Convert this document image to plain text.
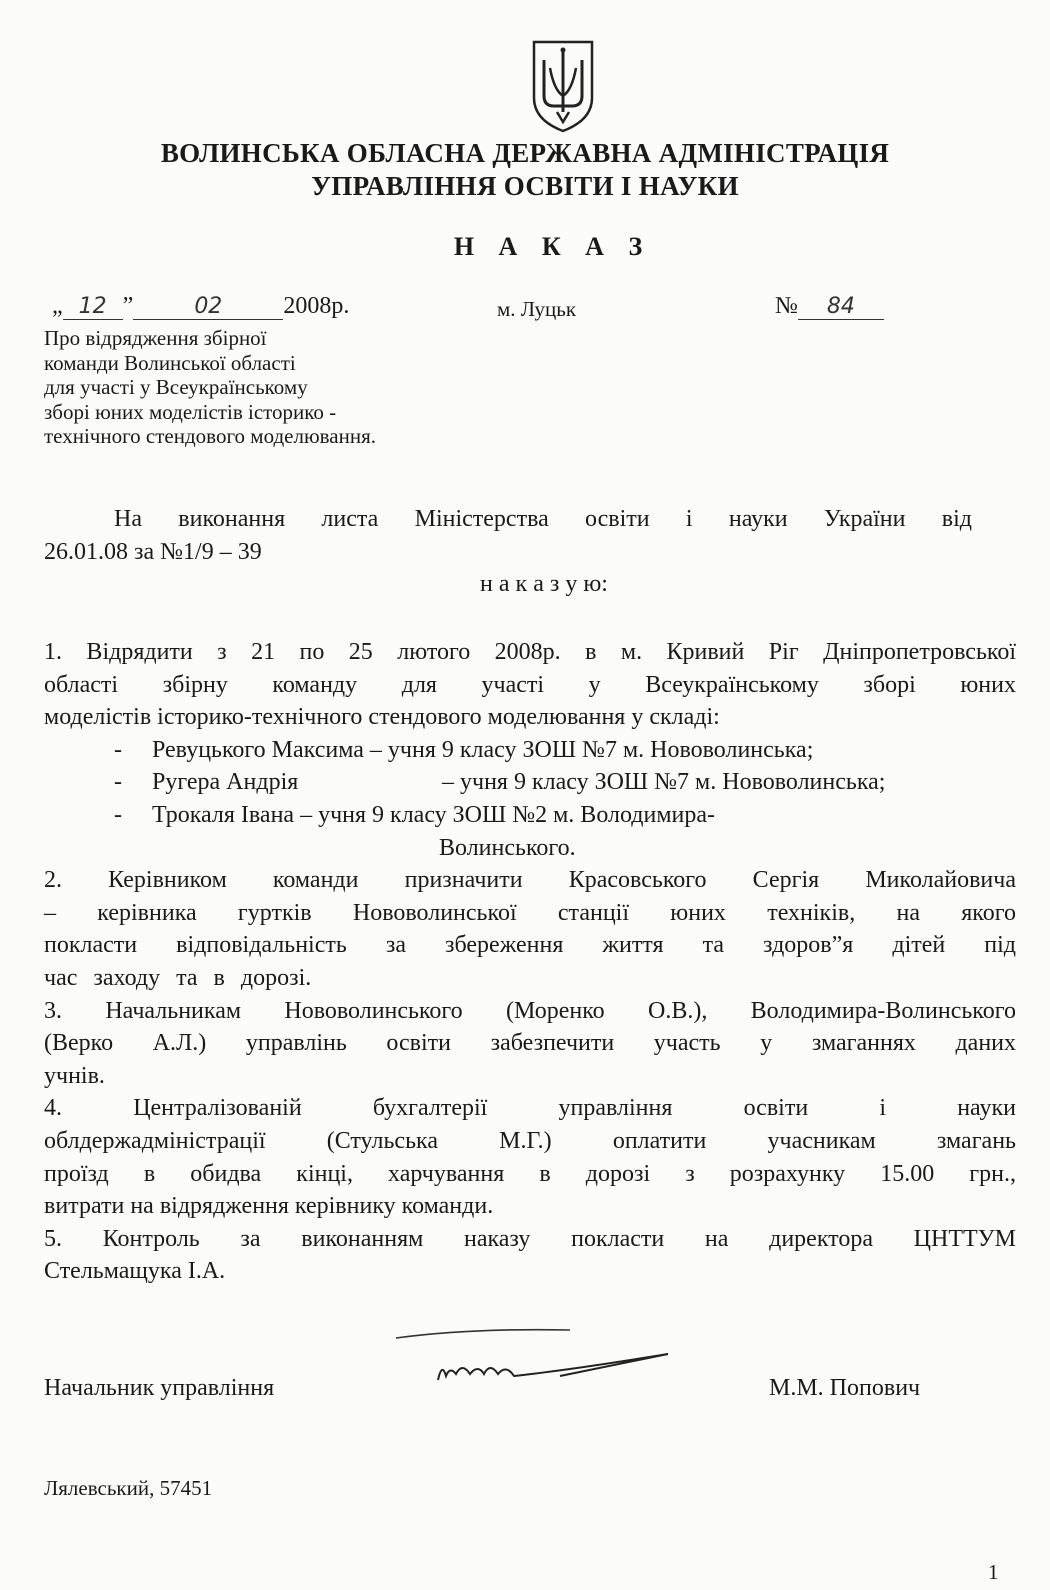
ВОЛИНСЬКА ОБЛАСНА ДЕРЖАВНА АДМІНІСТРАЦІЯ
УПРАВЛІННЯ ОСВІТИ І НАУКИ
Н А К А З
„ 12 ”	02	2008р.	м. Луцьк	№ 84
Про відрядження збірної
команди Волинської області
для участі у Всеукраїнському
зборі юних моделістів історико -
технічного стендового моделювання.
На виконання листа Міністерства освіти і науки України від
26.01.08 за №1/9 – 39
н а к а з у ю:
1. Відрядити з 21 по 25 лютого 2008р. в м. Кривий Ріг Дніпропетровської
області збірну команду для участі у Всеукраїнському зборі юних
моделістів історико-технічного стендового моделювання у складі:
- Ревуцького Максима – учня 9 класу ЗОШ №7 м. Нововолинська;
- Ругера Андрія	– учня 9 класу ЗОШ №7 м. Нововолинська;
- Трокаля Івана – учня 9 класу ЗОШ №2 м. Володимира-
Волинського.
2. Керівником команди призначити Красовського Сергія Миколайовича
– керівника гуртків Нововолинської станції юних техніків, на якого
покласти відповідальність за збереження життя та здоров”я дітей під
час заходу та в дорозі.
3. Начальникам Нововолинського (Моренко О.В.), Володимира-Волинського
(Верко А.Л.) управлінь освіти забезпечити участь у змаганнях даних
учнів.
4. Централізованій бухгалтерії управління освіти і науки
облдержадміністрації (Стульська М.Г.) оплатити учасникам змагань
проїзд в обидва кінці, харчування в дорозі з розрахунку 15.00 грн.,
витрати на відрядження керівнику команди.
5. Контроль за виконанням наказу покласти на директора ЦНТТУМ
Стельмащука І.А.
Начальник управління	М.М. Попович
Лялевський, 57451
1
